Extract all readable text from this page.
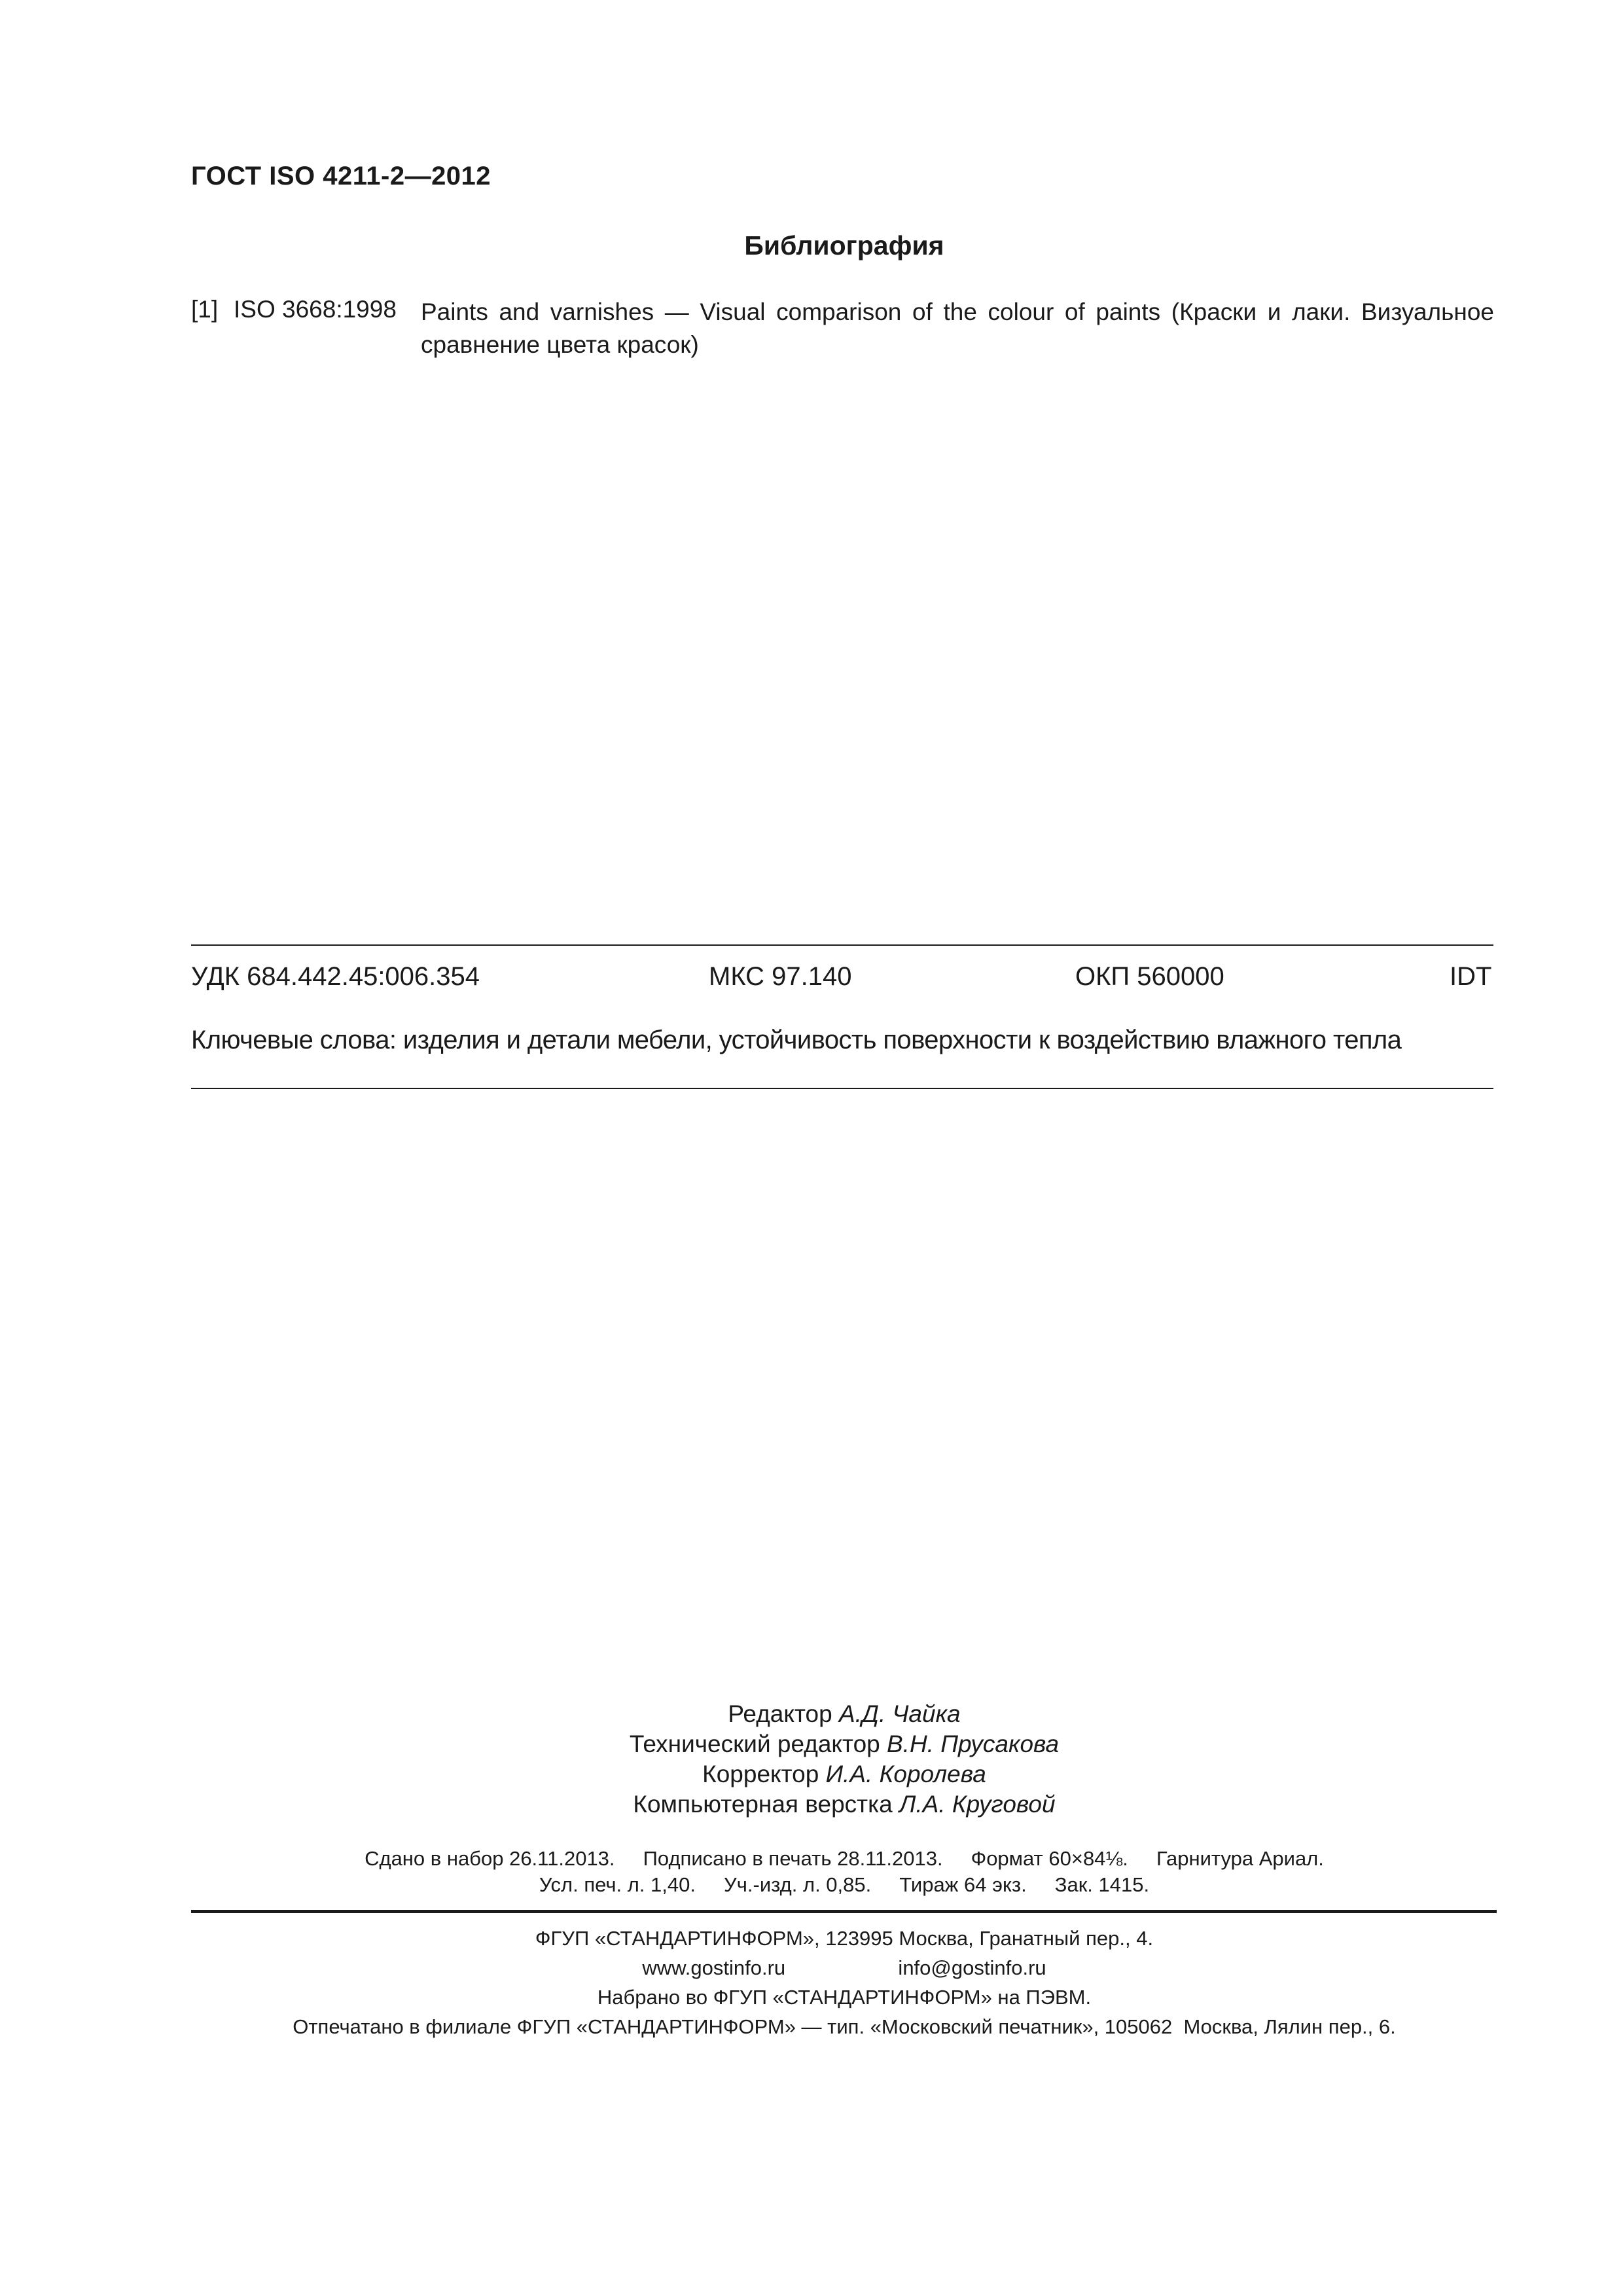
ГОСТ ISO 4211-2—2012
Библиография
[1] ISO 3668:1998 Paints and varnishes — Visual comparison of the colour of paints (Краски и лаки. Визуальное сравнение цвета красок)
УДК 684.442.45:006.354	МКС 97.140	ОКП 560000	IDT
Ключевые слова: изделия и детали мебели, устойчивость поверхности к воздействию влажного тепла
Редактор А.Д. Чайка
Технический редактор В.Н. Прусакова
Корректор И.А. Королева
Компьютерная верстка Л.А. Круговой
Сдано в набор 26.11.2013.     Подписано в печать 28.11.2013.     Формат 60×84⅛.     Гарнитура Ариал.
Усл. печ. л. 1,40.     Уч.-изд. л. 0,85.     Тираж 64 экз.     Зак. 1415.
ФГУП «СТАНДАРТИНФОРМ», 123995 Москва, Гранатный пер., 4.
www.gostinfo.ru                    info@gostinfo.ru
Набрано во ФГУП «СТАНДАРТИНФОРМ» на ПЭВМ.
Отпечатано в филиале ФГУП «СТАНДАРТИНФОРМ» — тип. «Московский печатник», 105062  Москва, Лялин пер., 6.
